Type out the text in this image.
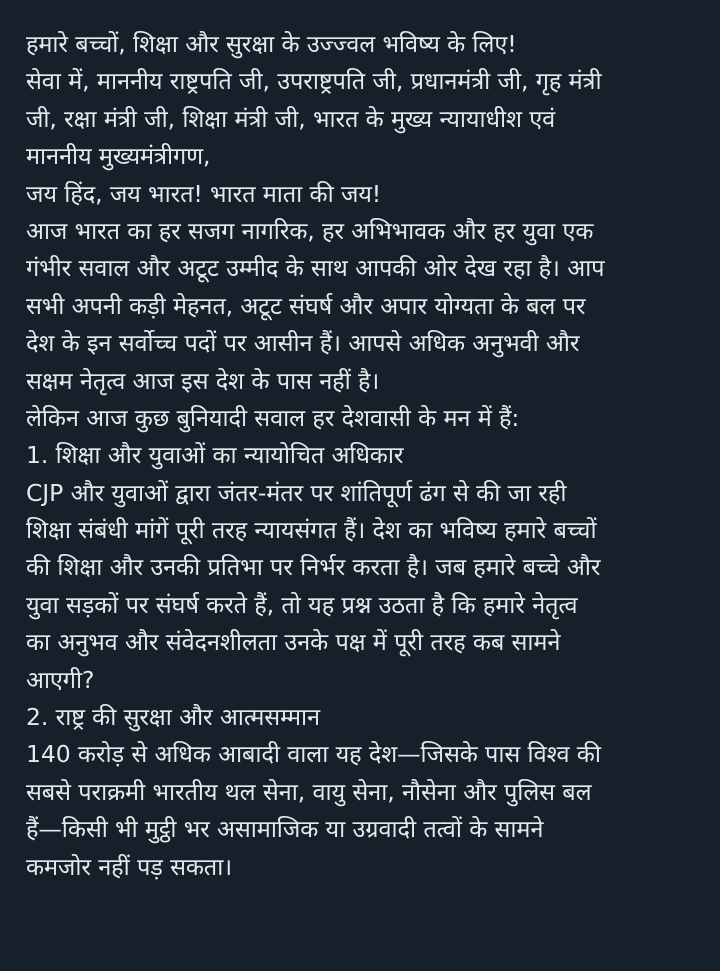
हमारे बच्चों, शिक्षा और सुरक्षा के उज्ज्वल भविष्य के लिए!
सेवा में, माननीय राष्ट्रपति जी, उपराष्ट्रपति जी, प्रधानमंत्री जी, गृह मंत्री
जी, रक्षा मंत्री जी, शिक्षा मंत्री जी, भारत के मुख्य न्यायाधीश एवं
माननीय मुख्यमंत्रीगण,
जय हिंद, जय भारत! भारत माता की जय!
आज भारत का हर सजग नागरिक, हर अभिभावक और हर युवा एक
गंभीर सवाल और अटूट उम्मीद के साथ आपकी ओर देख रहा है। आप
सभी अपनी कड़ी मेहनत, अटूट संघर्ष और अपार योग्यता के बल पर
देश के इन सर्वोच्च पदों पर आसीन हैं। आपसे अधिक अनुभवी और
सक्षम नेतृत्व आज इस देश के पास नहीं है।
लेकिन आज कुछ बुनियादी सवाल हर देशवासी के मन में हैं:
1. शिक्षा और युवाओं का न्यायोचित अधिकार
CJP और युवाओं द्वारा जंतर-मंतर पर शांतिपूर्ण ढंग से की जा रही
शिक्षा संबंधी मांगें पूरी तरह न्यायसंगत हैं। देश का भविष्य हमारे बच्चों
की शिक्षा और उनकी प्रतिभा पर निर्भर करता है। जब हमारे बच्चे और
युवा सड़कों पर संघर्ष करते हैं, तो यह प्रश्न उठता है कि हमारे नेतृत्व
का अनुभव और संवेदनशीलता उनके पक्ष में पूरी तरह कब सामने
आएगी?
2. राष्ट्र की सुरक्षा और आत्मसम्मान
140 करोड़ से अधिक आबादी वाला यह देश—जिसके पास विश्व की
सबसे पराक्रमी भारतीय थल सेना, वायु सेना, नौसेना और पुलिस बल
हैं—किसी भी मुट्ठी भर असामाजिक या उग्रवादी तत्वों के सामने
कमजोर नहीं पड़ सकता।
